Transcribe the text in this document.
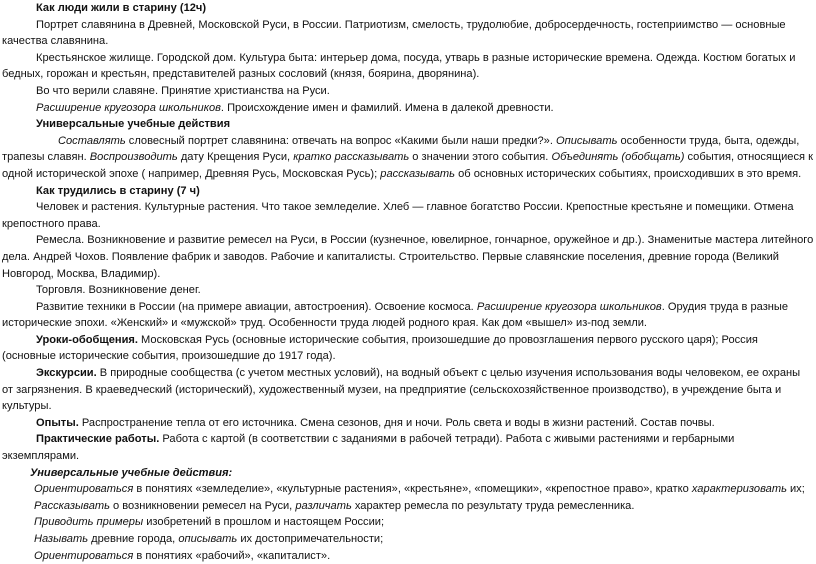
Как люди жили в старину (12ч)

Портрет славянина в Древней, Московской Руси, в России. Патриотизм, смелость, трудолюбие, добросердечность, гостеприимство — основные качества славянина.

Крестьянское жилище. Городской дом. Культура быта: интерьер дома, посуда, утварь в разные исторические времена. Одежда. Костюм богатых и бедных, горожан и крестьян, представителей разных сословий (князя, боярина, дворянина).

Во что верили славяне. Принятие христианства на Руси.

Расширение кругозора школьников. Происхождение имен и фамилий. Имена в далекой древности.

Универсальные учебные действия

Составлять словесный портрет славянина: отвечать на вопрос «Какими были наши предки?». Описывать особенности труда, быта, одежды, трапезы славян. Воспроизводить дату Крещения Руси, кратко рассказывать о значении этого события. Объединять (обобщать) события, относящиеся к одной исторической эпохе ( например, Древняя Русь, Московская Русь); рассказывать об основных исторических событиях, происходивших в это время.

Как трудились в старину (7 ч)

Человек и растения. Культурные растения. Что такое земледелие. Хлеб — главное богатство России. Крепостные крестьяне и помещики. Отмена крепостного права.

Ремесла. Возникновение и развитие ремесел на Руси, в России (кузнечное, ювелирное, гончарное, оружейное и др.). Знаменитые мастера литейного дела. Андрей Чохов. Появление фабрик и заводов. Рабочие и капиталисты. Строительство. Первые славянские поселения, древние города (Великий Новгород, Москва, Владимир).

Торговля. Возникновение денег.

Развитие техники в России (на примере авиации, автостроения). Освоение космоса. Расширение кругозора школьников. Орудия труда в разные исторические эпохи. «Женский» и «мужской» труд. Особенности труда людей родного края. Как дом «вышел» из-под земли.

Уроки-обобщения. Московская Русь (основные исторические события, произошедшие до провозглашения первого русского царя); Россия (основные исторические события, произошедшие до 1917 года).

Экскурсии. В природные сообщества (с учетом местных условий), на водный объект с целью изучения использования воды человеком, ее охраны от загрязнения. В краеведческий (исторический), художественный музеи, на предприятие (сельскохозяйственное производство), в учреждение быта и культуры.

Опыты. Распространение тепла от его источника. Смена сезонов, дня и ночи. Роль света и воды в жизни растений. Состав почвы.

Практические работы. Работа с картой (в соответствии с заданиями в рабочей тетради). Работа с живыми растениями и гербарными экземплярами.

Универсальные учебные действия:

Ориентироваться в понятиях «земледелие», «культурные растения», «крестьяне», «помещики», «крепостное право», кратко характеризовать их;

Рассказывать о возникновении ремесел на Руси, различать характер ремесла по результату труда ремесленника.

Приводить примеры изобретений в прошлом и настоящем России;

Называть древние города, описывать их достопримечательности;

Ориентироваться в понятиях «рабочий», «капиталист».
